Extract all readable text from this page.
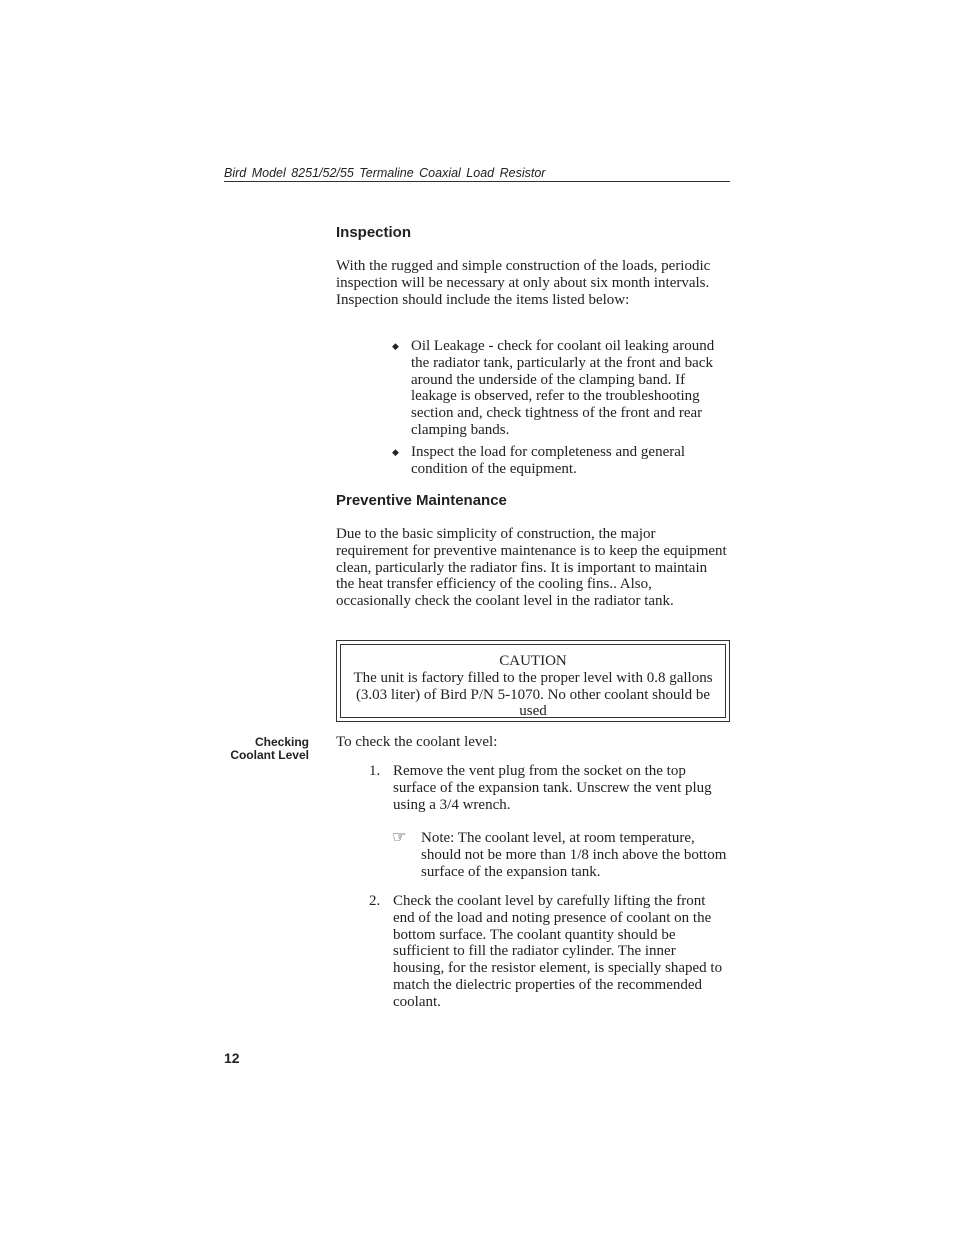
Bird Model 8251/52/55 Termaline Coaxial Load Resistor
Inspection

With the rugged and simple construction of the loads, periodic inspection will be necessary at only about six month intervals. Inspection should include the items listed below:

◆ Oil Leakage - check for coolant oil leaking around the radiator tank, particularly at the front and back around the underside of the clamping band. If leakage is observed, refer to the troubleshooting section and, check tightness of the front and rear clamping bands.
◆ Inspect the load for completeness and general condition of the equipment.
Preventive Maintenance

Due to the basic simplicity of construction, the major requirement for preventive maintenance is to keep the equipment clean, particularly the radiator fins. It is important to maintain the heat transfer efficiency of the cooling fins.. Also, occasionally check the coolant level in the radiator tank.

CAUTION
The unit is factory filled to the proper level with 0.8 gallons (3.03 liter) of Bird P/N 5-1070. No other coolant should be used
Checking
Coolant Level

To check the coolant level:

1. Remove the vent plug from the socket on the top surface of the expansion tank. Unscrew the vent plug using a 3/4 wrench.
☞ Note: The coolant level, at room temperature, should not be more than 1/8 inch above the bottom surface of the expansion tank.
2. Check the coolant level by carefully lifting the front end of the load and noting presence of coolant on the bottom surface. The coolant quantity should be sufficient to fill the radiator cylinder. The inner housing, for the resistor element, is specially shaped to match the dielectric properties of the recommended coolant.
12
